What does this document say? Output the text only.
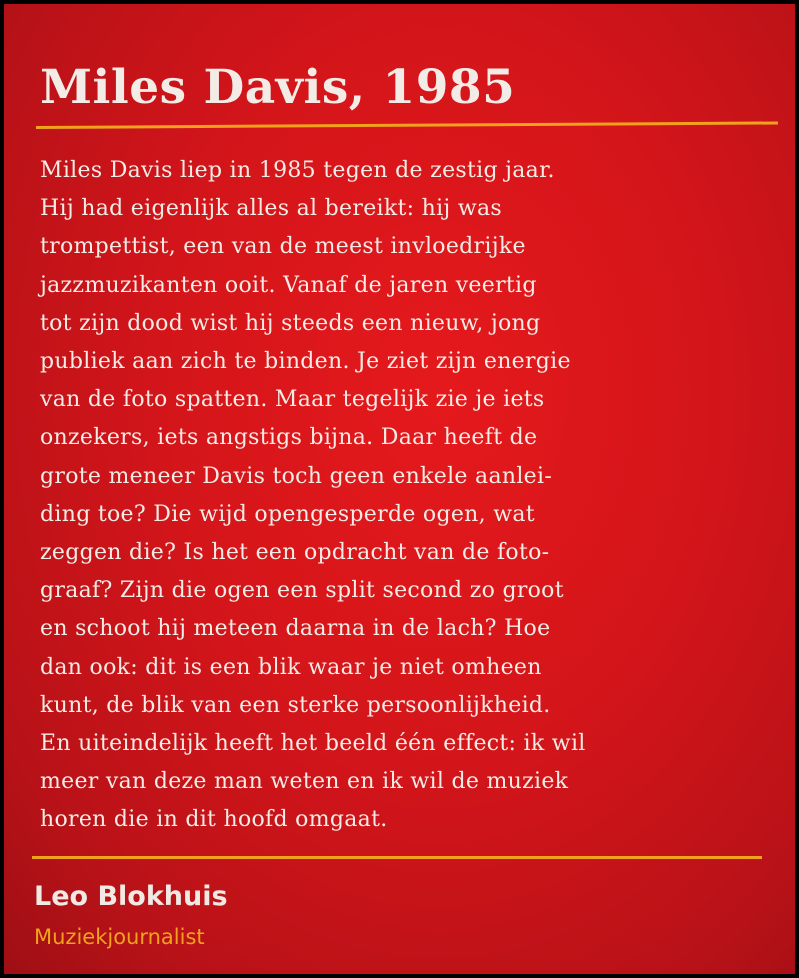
Miles Davis, 1985

Miles Davis liep in 1985 tegen de zestig jaar.
Hij had eigenlijk alles al bereikt: hij was
trompettist, een van de meest invloedrijke
jazzmuzikanten ooit. Vanaf de jaren veertig
tot zijn dood wist hij steeds een nieuw, jong
publiek aan zich te binden. Je ziet zijn energie
van de foto spatten. Maar tegelijk zie je iets
onzekers, iets angstigs bijna. Daar heeft de
grote meneer Davis toch geen enkele aanlei-
ding toe? Die wijd opengesperde ogen, wat
zeggen die? Is het een opdracht van de foto-
graaf? Zijn die ogen een split second zo groot
en schoot hij meteen daarna in de lach? Hoe
dan ook: dit is een blik waar je niet omheen
kunt, de blik van een sterke persoonlijkheid.
En uiteindelijk heeft het beeld één effect: ik wil
meer van deze man weten en ik wil de muziek
horen die in dit hoofd omgaat.

Leo Blokhuis
Muziekjournalist
